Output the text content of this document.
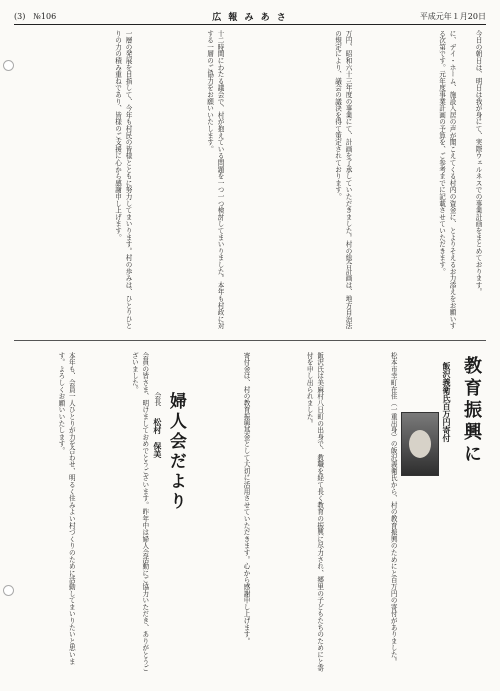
(3)　№106	広 報 み あ さ	平成元年１月20日
今日の朝日は、明日は我が身にて、実際ウェルネスでの事業計画をまとめております。
に、デイ・ホーム、施設入居の声が聞こえてくる村内の資金に、とよりそえるお力添えをお願いする次第です。元年度事業計画の予算を、ご参考までに記載させていただきます。
万円、昭和六十三年度の事業にて、計画を了承していただきました。村の総合計画は、地方自治法の規定により、議会の議決を得て策定されております。
十二時間にわたる議会で、村が抱えている問題を一つ一つ検討してまいりました。本年も村政に対する一層のご協力をお願いいたします。
一層の発展を目指して、今年も村民の皆様とともに努力してまいります。村の歩みは、ひとりひとりの力の積み重ねであり、皆様のご支援に心から感謝申し上げます。
教育振興に
飯沢義衛氏百万円寄付
松本市幸町在住（一重出身）の飯沢義衛氏から、村の教育振興のためにと百万円の寄付がありました。
飯沢氏は美麻村八日町の出身で、教職を経て長く教育の振興に尽力され、郷里の子どもたちのためにと寄付を申し出られました。
寄付金は、村の教育振興基金として大切に活用させていただきます。心から感謝申し上げます。
婦人会だより
会長 松村　保美
会員の皆さま、明けましておめでとうございます。昨年中は婦人会活動にご協力いただき、ありがとうございました。
本年も、会員一人ひとりが力を合わせ、明るく住みよい村づくりのために活動してまいりたいと思います。よろしくお願いいたします。
